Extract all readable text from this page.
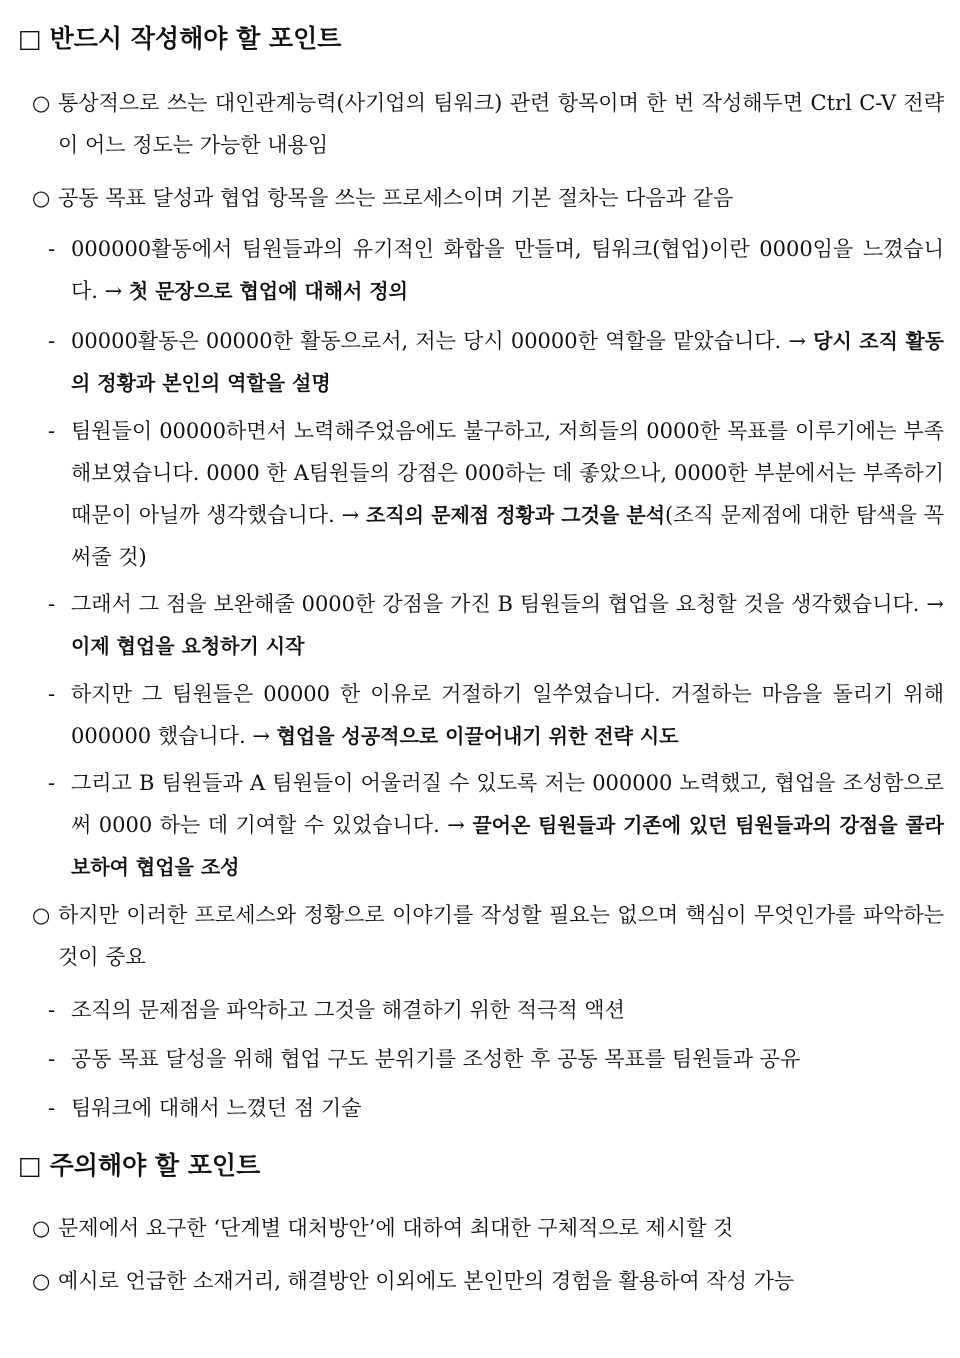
□ 반드시 작성해야 할 포인트
○ 통상적으로 쓰는 대인관계능력(사기업의 팀워크) 관련 항목이며 한 번 작성해두면 Ctrl C-V 전략이 어느 정도는 가능한 내용임
○ 공동 목표 달성과 협업 항목을 쓰는 프로세스이며 기본 절차는 다음과 같음
- 000000활동에서 팀원들과의 유기적인 화합을 만들며, 팀워크(협업)이란 0000임을 느꼈습니다. → 첫 문장으로 협업에 대해서 정의
- 00000활동은 00000한 활동으로서, 저는 당시 00000한 역할을 맡았습니다. → 당시 조직 활동의 정황과 본인의 역할을 설명
- 팀원들이 00000하면서 노력해주었음에도 불구하고, 저희들의 0000한 목표를 이루기에는 부족해보였습니다. 0000 한 A팀원들의 강점은 000하는 데 좋았으나, 0000한 부분에서는 부족하기 때문이 아닐까 생각했습니다. → 조직의 문제점 정황과 그것을 분석(조직 문제점에 대한 탐색을 꼭 써줄 것)
- 그래서 그 점을 보완해줄 0000한 강점을 가진 B 팀원들의 협업을 요청할 것을 생각했습니다. → 이제 협업을 요청하기 시작
- 하지만 그 팀원들은 00000 한 이유로 거절하기 일쑤였습니다. 거절하는 마음을 돌리기 위해 000000 했습니다. → 협업을 성공적으로 이끌어내기 위한 전략 시도
- 그리고 B 팀원들과 A 팀원들이 어울러질 수 있도록 저는 000000 노력했고, 협업을 조성함으로써 0000 하는 데 기여할 수 있었습니다. → 끌어온 팀원들과 기존에 있던 팀원들과의 강점을 콜라보하여 협업을 조성
○ 하지만 이러한 프로세스와 정황으로 이야기를 작성할 필요는 없으며 핵심이 무엇인가를 파악하는 것이 중요
- 조직의 문제점을 파악하고 그것을 해결하기 위한 적극적 액션
- 공동 목표 달성을 위해 협업 구도 분위기를 조성한 후 공동 목표를 팀원들과 공유
- 팀워크에 대해서 느꼈던 점 기술
□ 주의해야 할 포인트
○ 문제에서 요구한 ‘단계별 대처방안’에 대하여 최대한 구체적으로 제시할 것
○ 예시로 언급한 소재거리, 해결방안 이외에도 본인만의 경험을 활용하여 작성 가능
